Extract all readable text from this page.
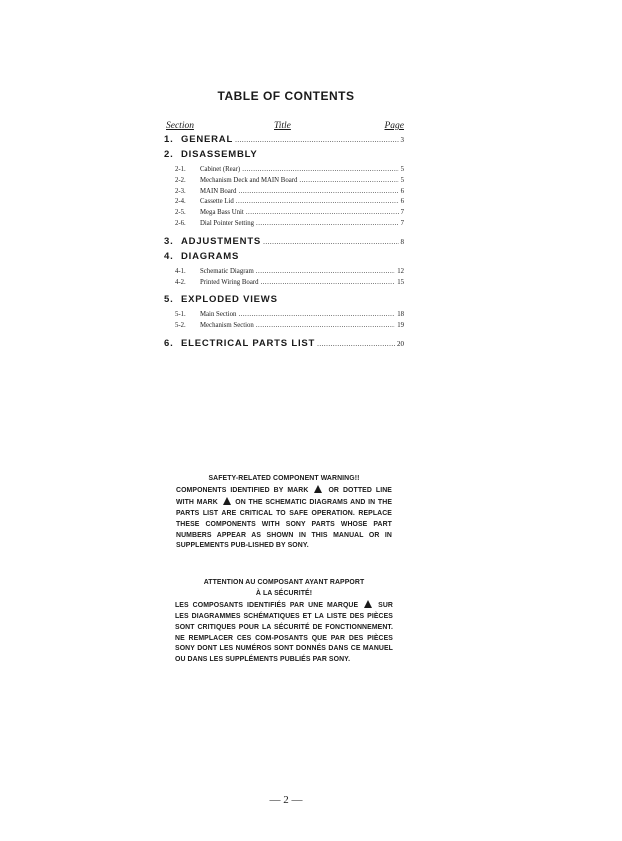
TABLE OF CONTENTS
Section	Title	Page
1. GENERAL .....	3
2. DISASSEMBLY
2-1.	Cabinet (Rear) .....	5
2-2.	Mechanism Deck and MAIN Board .....	5
2-3.	MAIN Board .....	6
2-4.	Cassette Lid .....	6
2-5.	Mega Bass Unit .....	7
2-6.	Dial Pointer Setting .....	7
3. ADJUSTMENTS .....	8
4. DIAGRAMS
4-1.	Schematic Diagram .....	12
4-2.	Printed Wiring Board .....	15
5. EXPLODED VIEWS
5-1.	Main Section .....	18
5-2.	Mechanism Section .....	19
6. ELECTRICAL PARTS LIST .....	20
SAFETY-RELATED COMPONENT WARNING!!

COMPONENTS IDENTIFIED BY MARK	OR DOTTED LINE WITH MARK	ON THE SCHEMATIC DIAGRAMS AND IN THE PARTS LIST ARE CRITICAL TO SAFE OPERATION. REPLACE THESE COMPONENTS WITH SONY PARTS WHOSE PART NUMBERS APPEAR AS SHOWN IN THIS MANUAL OR IN SUPPLEMENTS PUB-LISHED BY SONY.

ATTENTION AU COMPOSANT AYANT RAPPORT
À LA SÉCURITÉ!

LES COMPOSANTS IDENTIFIÉS PAR UNE MARQUE	SUR LES DIAGRAMMES SCHÉMATIQUES ET LA LISTE DES PIÈCES SONT CRITIQUES POUR LA SÉCURITÉ DE FONCTIONNEMENT. NE REMPLACER CES COM-POSANTS QUE PAR DES PIÈCES SONY DONT LES NUMÉROS SONT DONNÉS DANS CE MANUEL OU DANS LES SUPPLÉMENTS PUBLIÉS PAR SONY.

— 2 —
